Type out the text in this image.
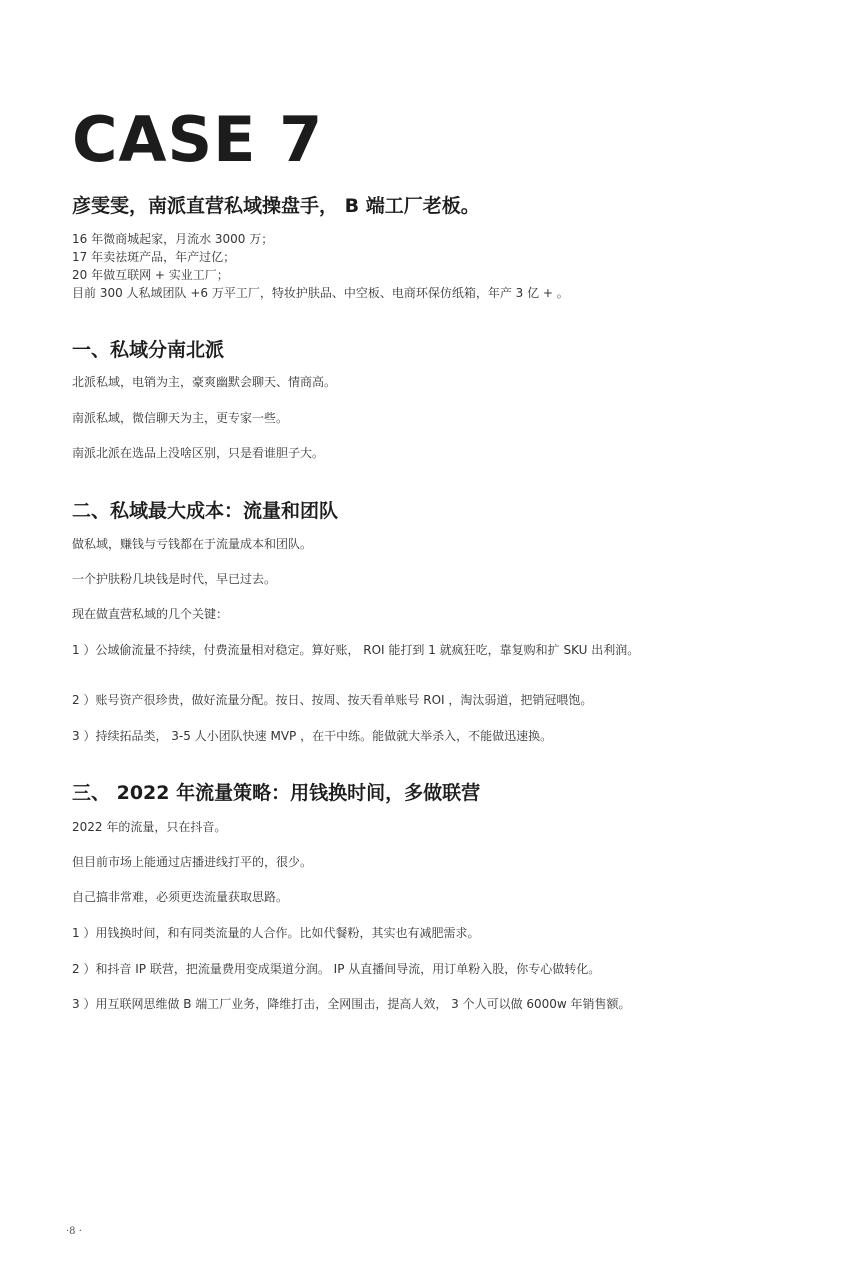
CASE 7
彦雯雯，南派直营私域操盘手， B 端工厂老板。
16 年微商城起家，月流水 3000 万；
17 年卖祛斑产品，年产过亿；
20 年做互联网 + 实业工厂；
目前 300 人私域团队 +6 万平工厂，特妆护肤品、中空板、电商环保仿纸箱，年产 3 亿 + 。
一、私域分南北派

北派私域，电销为主，豪爽幽默会聊天、情商高。

南派私域，微信聊天为主，更专家一些。

南派北派在选品上没啥区别，只是看谁胆子大。

二、私域最大成本：流量和团队

做私域，赚钱与亏钱都在于流量成本和团队。

一个护肤粉几块钱是时代，早已过去。

现在做直营私域的几个关键：

1 ）公域偷流量不持续，付费流量相对稳定。算好账， ROI 能打到 1 就疯狂吃，靠复购和扩 SKU 出利润。

2 ）账号资产很珍贵，做好流量分配。按日、按周、按天看单账号 ROI ，淘汰弱道，把销冠喂饱。

3 ）持续拓品类， 3-5 人小团队快速 MVP ，在干中练。能做就大举杀入，不能做迅速换。

三、 2022 年流量策略：用钱换时间，多做联营

2022 年的流量，只在抖音。

但目前市场上能通过店播进线打平的，很少。

自己搞非常难，必须更迭流量获取思路。

1 ）用钱换时间，和有同类流量的人合作。比如代餐粉，其实也有减肥需求。

2 ）和抖音 IP 联营，把流量费用变成渠道分润。 IP 从直播间导流，用订单粉入股，你专心做转化。

3 ）用互联网思维做 B 端工厂业务，降维打击，全网围击，提高人效， 3 个人可以做 6000w 年销售额。

·8 ·
